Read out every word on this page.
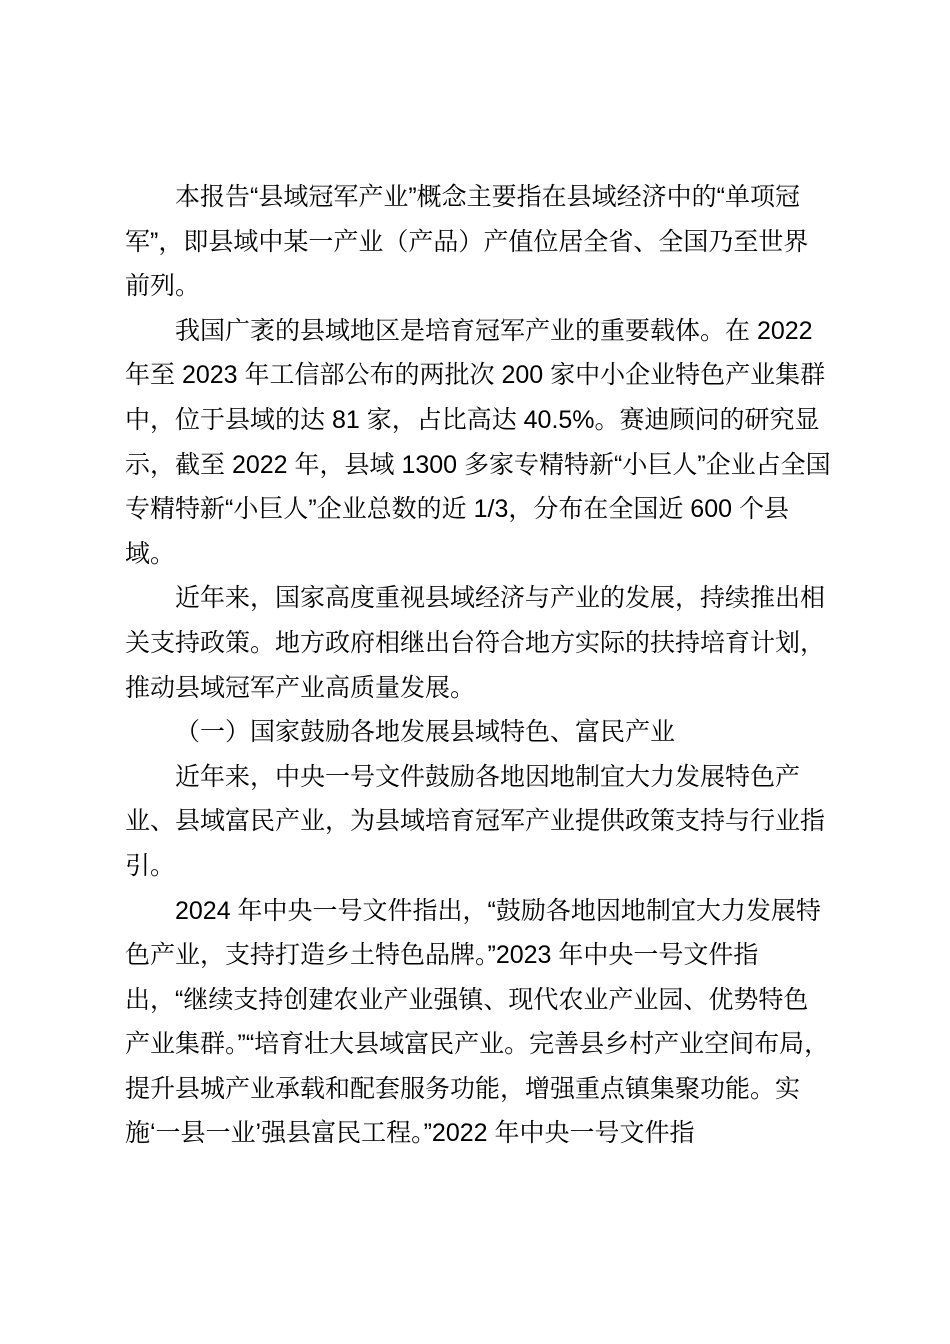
本报告“县域冠军产业”概念主要指在县域经济中的“单项冠军”，即县域中某一产业（产品）产值位居全省、全国乃至世界前列。

我国广袤的县域地区是培育冠军产业的重要载体。在 2022 年至 2023 年工信部公布的两批次 200 家中小企业特色产业集群中，位于县域的达 81 家，占比高达 40.5%。赛迪顾问的研究显示，截至 2022 年，县域 1300 多家专精特新“小巨人”企业占全国专精特新“小巨人”企业总数的近 1/3，分布在全国近 600 个县域。

近年来，国家高度重视县域经济与产业的发展，持续推出相关支持政策。地方政府相继出台符合地方实际的扶持培育计划，推动县域冠军产业高质量发展。

（一）国家鼓励各地发展县域特色、富民产业

近年来，中央一号文件鼓励各地因地制宜大力发展特色产业、县域富民产业，为县域培育冠军产业提供政策支持与行业指引。

2024 年中央一号文件指出，“鼓励各地因地制宜大力发展特色产业，支持打造乡土特色品牌。”2023 年中央一号文件指出，“继续支持创建农业产业强镇、现代农业产业园、优势特色产业集群。”“培育壮大县域富民产业。完善县乡村产业空间布局，提升县城产业承载和配套服务功能，增强重点镇集聚功能。实施‘一县一业’强县富民工程。”2022 年中央一号文件指
